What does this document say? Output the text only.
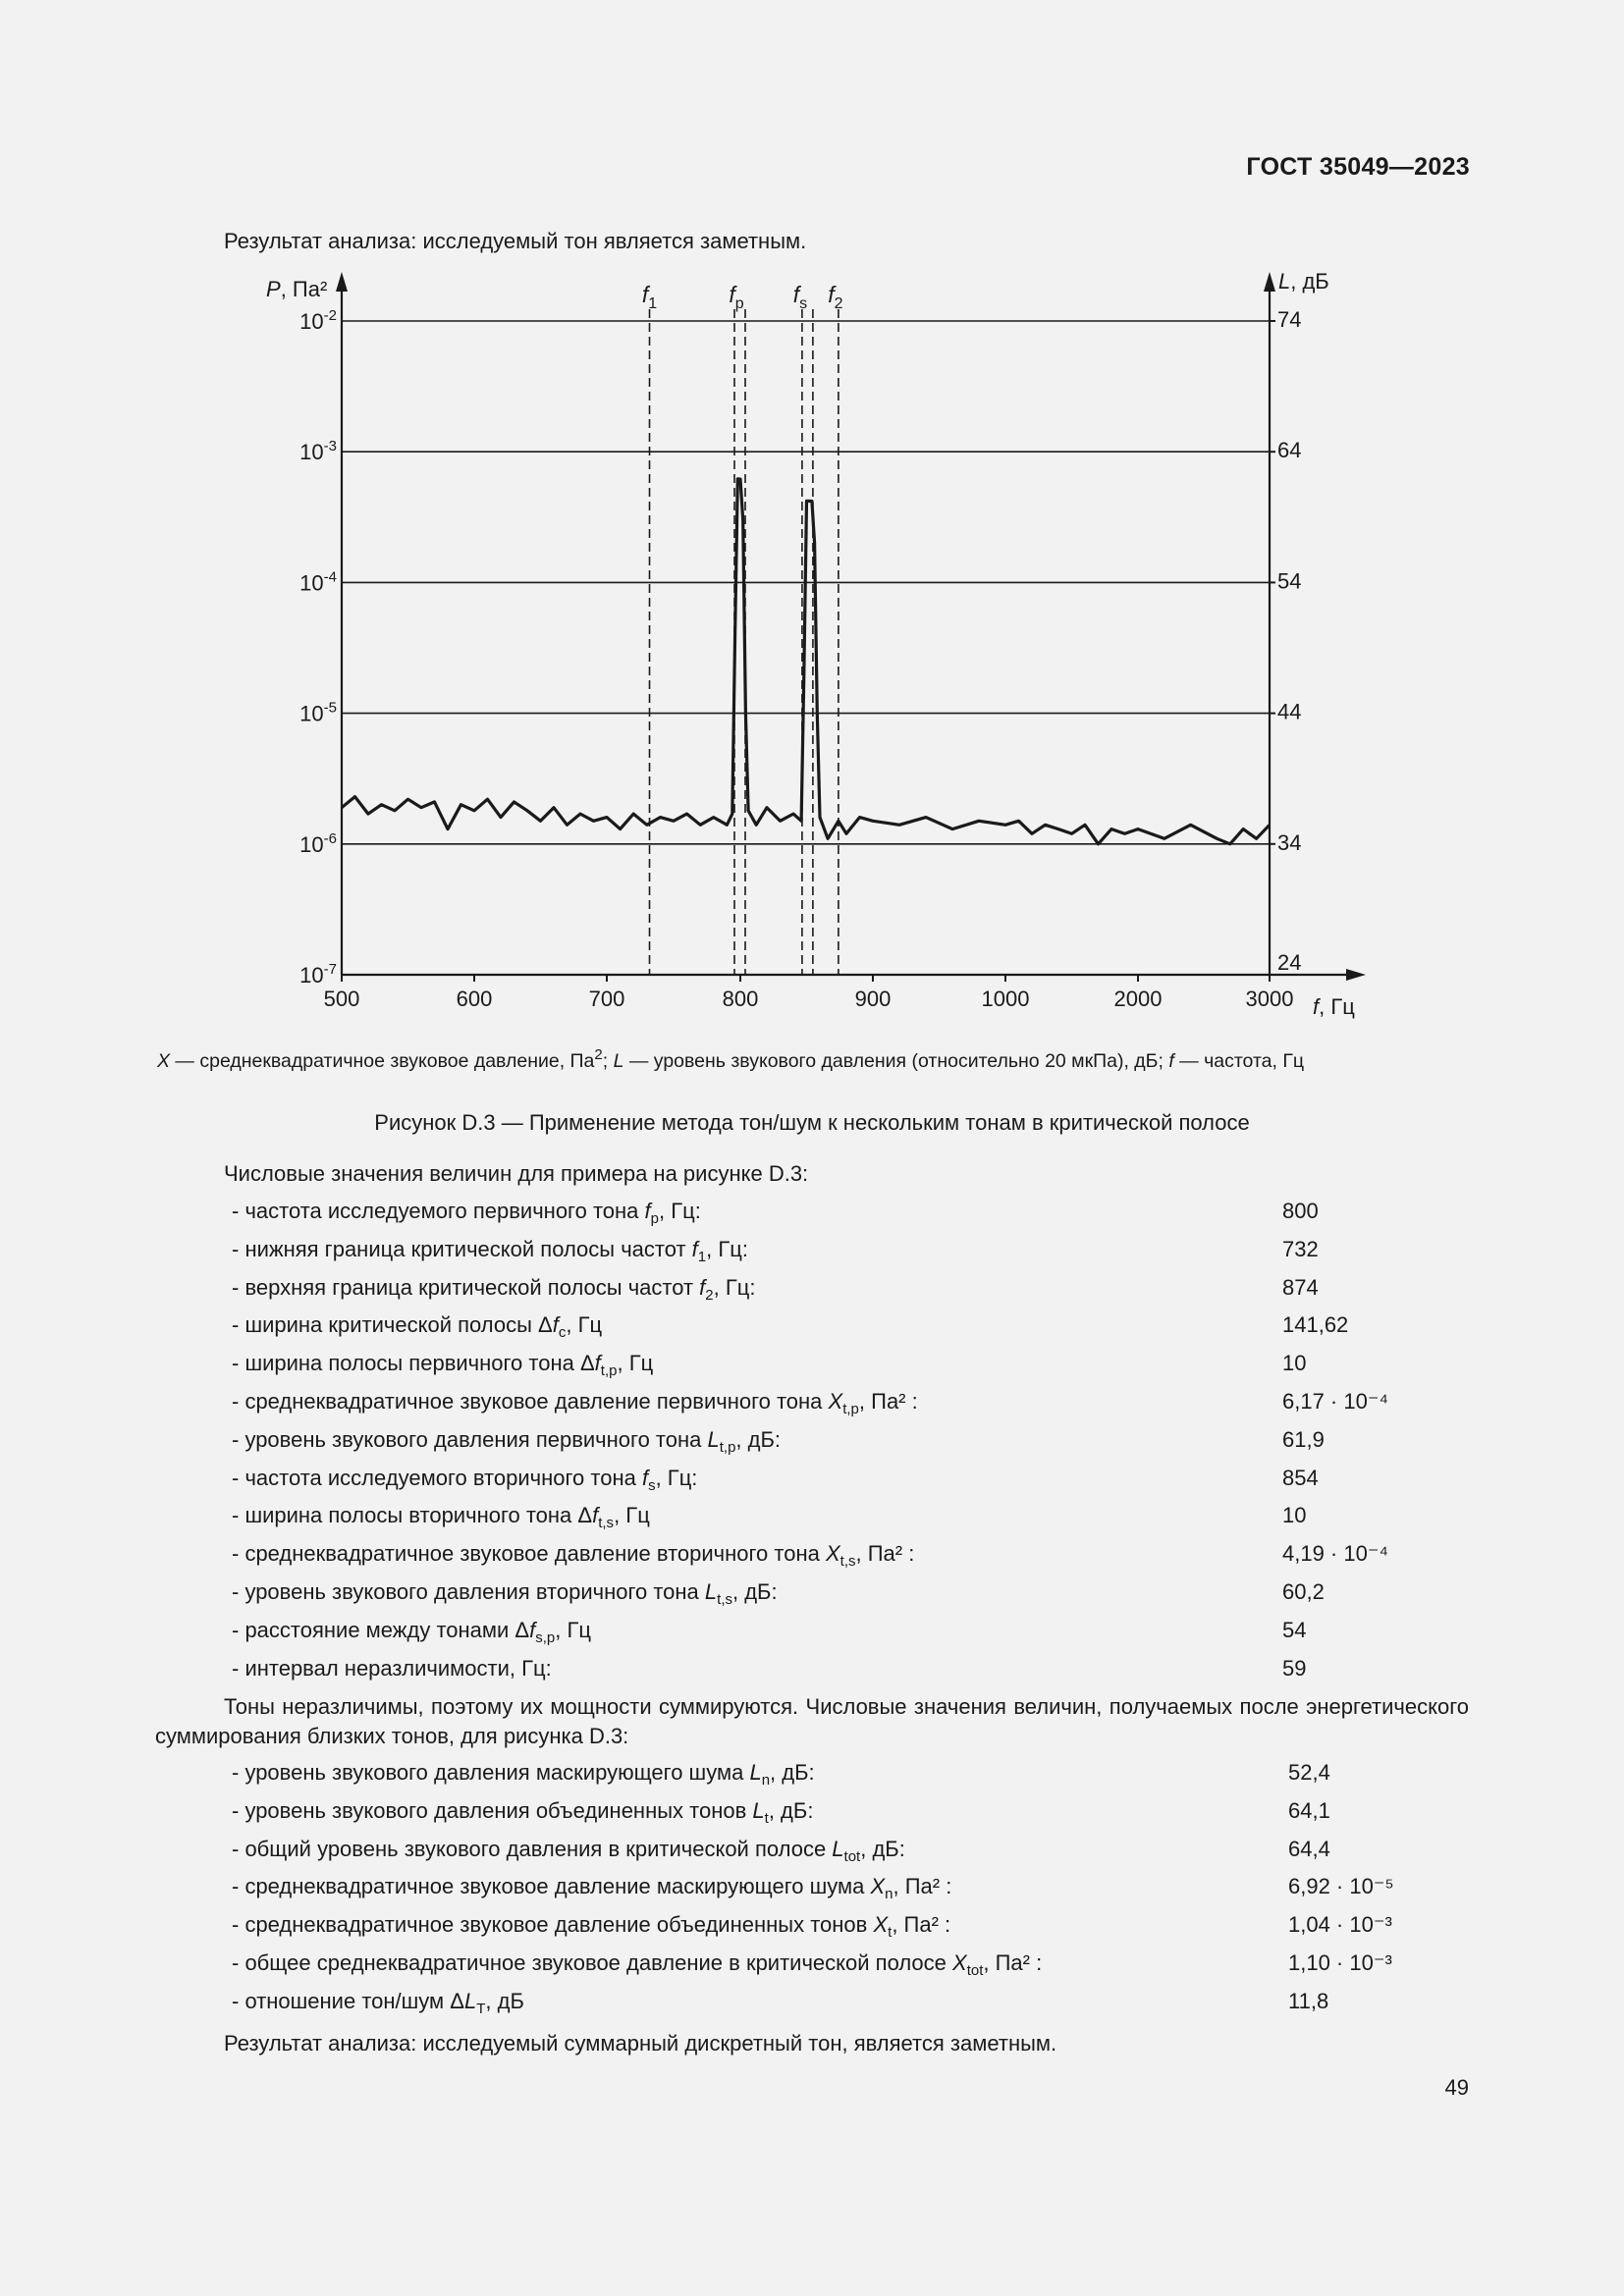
ГОСТ 35049—2023
Результат анализа: исследуемый тон является заметным.
500	600	700	800	900	1000	2000	3000
$10^{-7}$	24
$10^{-6}$	34
$10^{-5}$	44
$10^{-4}$	54
$10^{-3}$	64
$10^{-2}$	74
P, Па²	L, дБ
f, Гц
$f_1$	$f_p$ $f_s$ $f_2$
X — среднеквадратичное звуковое давление, $Па^2$; L — уровень звукового давления (относительно 20 мкПа), дБ; f — частота, Гц
Рисунок D.3 — Применение метода тон/шум к нескольким тонам в критической полосе
Числовые значения величин для примера на рисунке D.3:
- частота исследуемого первичного тона $f_p$, Гц:	800
- нижняя граница критической полосы частот $f_1$, Гц:	732
- верхняя граница критической полосы частот $f_2$, Гц:	874
- ширина критической полосы $\Delta f_c$, Гц	141,62
- ширина полосы первичного тона $\Delta f_{t,p}$, Гц	10
- среднеквадратичное звуковое давление первичного тона $X_{t,p}$, Па² :	6,17 · 10⁻⁴
- уровень звукового давления первичного тона $L_{t,p}$, дБ:	61,9
- частота исследуемого вторичного тона $f_s$, Гц:	854
- ширина полосы вторичного тона $\Delta f_{t,s}$, Гц	10
- среднеквадратичное звуковое давление вторичного тона $X_{t,s}$, Па² :	4,19 · 10⁻⁴
- уровень звукового давления вторичного тона $L_{t,s}$, дБ:	60,2
- расстояние между тонами $\Delta f_{s,p}$, Гц	54
- интервал неразличимости, Гц:	59
Тоны неразличимы, поэтому их мощности суммируются. Числовые значения величин, получаемых после энергетического суммирования близких тонов, для рисунка D.3:
- уровень звукового давления маскирующего шума $L_n$, дБ:	52,4
- уровень звукового давления объединенных тонов $L_t$, дБ:	64,1
- общий уровень звукового давления в критической полосе $L_{tot}$, дБ:	64,4
- среднеквадратичное звуковое давление маскирующего шума $X_n$, Па² :	6,92 · 10⁻⁵
- среднеквадратичное звуковое давление объединенных тонов $X_t$, Па² :	1,04 · 10⁻³
- общее среднеквадратичное звуковое давление в критической полосе $X_{tot}$, Па² :	1,10 · 10⁻³
- отношение тон/шум $\Delta L_T$, дБ	11,8
Результат анализа: исследуемый суммарный дискретный тон, является заметным.
49
